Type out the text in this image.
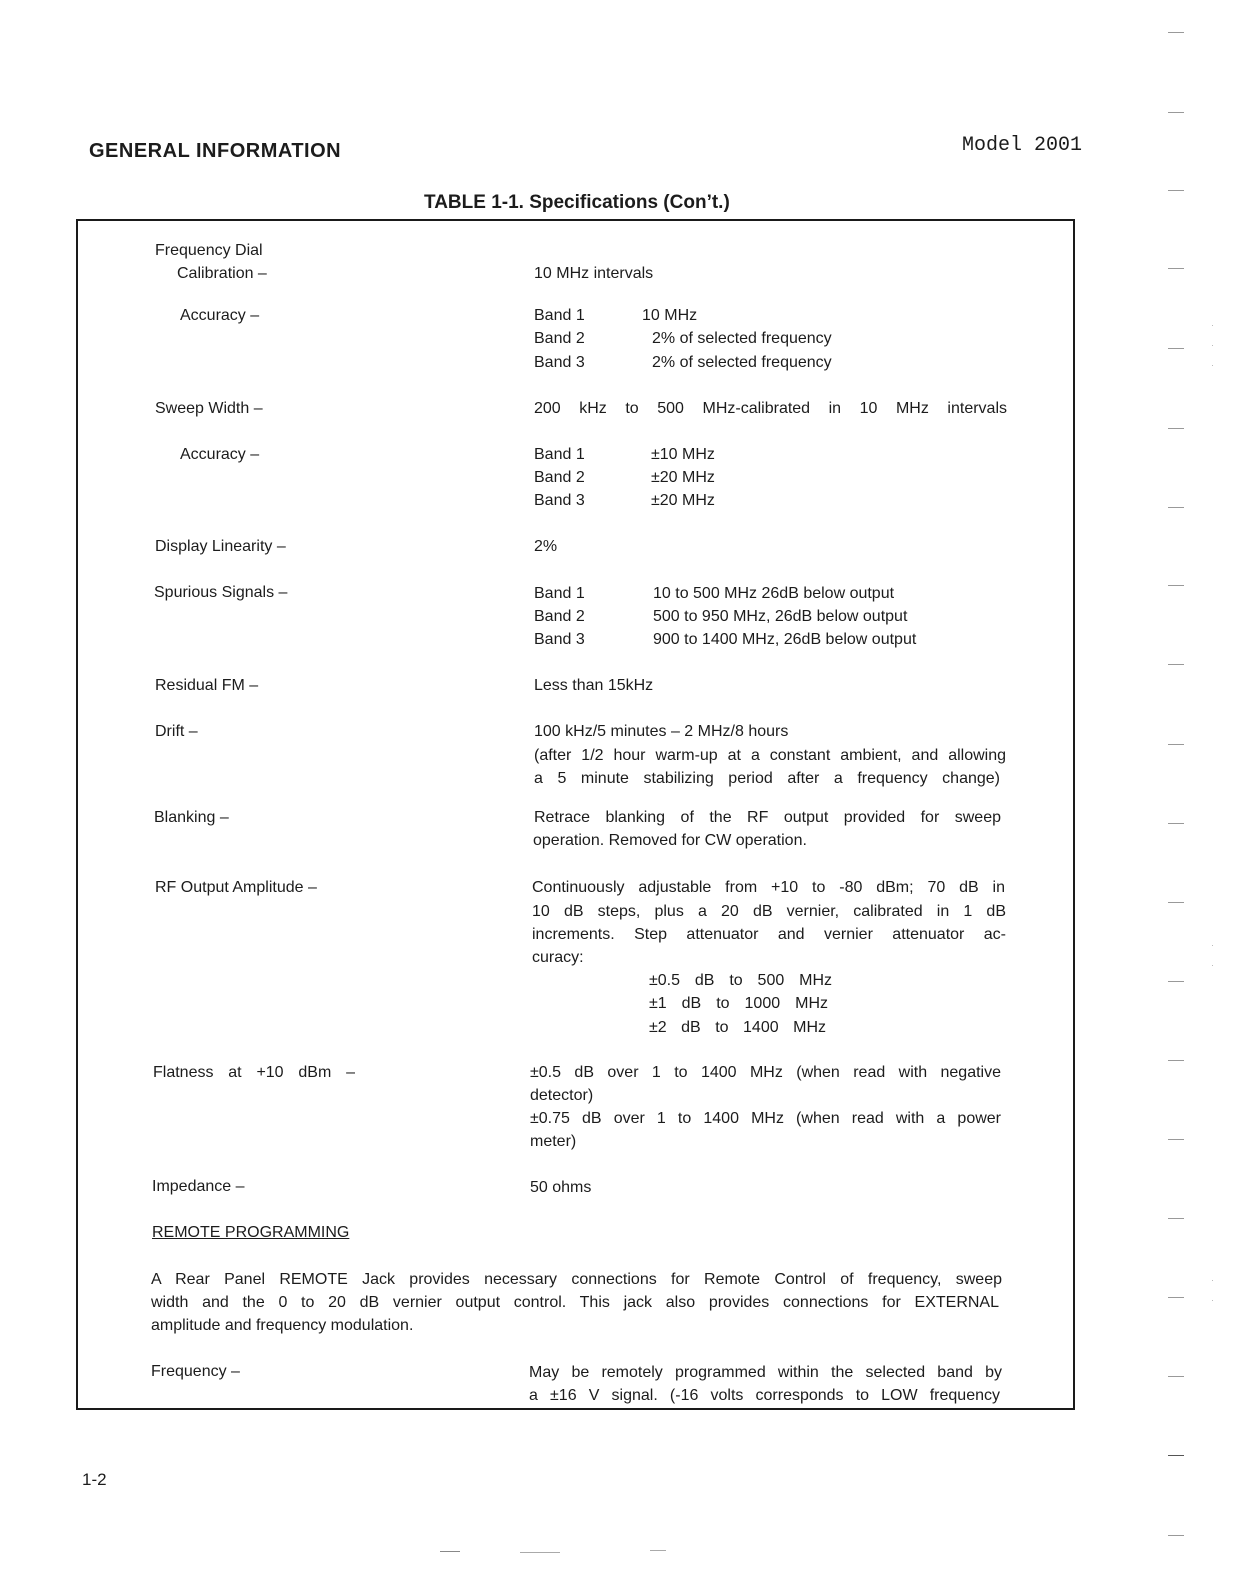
GENERAL INFORMATION	Model 2001
TABLE 1-1. Specifications (Con’t.)
Frequency Dial
Calibration –	10 MHz intervals
Accuracy –	Band 1	10 MHz
Band 2	2% of selected frequency
Band 3	2% of selected frequency
Sweep Width –	200 kHz to 500 MHz-calibrated in 10 MHz intervals
Accuracy –	Band 1	±10 MHz
Band 2	±20 MHz
Band 3	±20 MHz
Display Linearity –	2%
Spurious Signals –	Band 1	10 to 500 MHz 26dB below output
Band 2	500 to 950 MHz, 26dB below output
Band 3	900 to 1400 MHz, 26dB below output
Residual FM –	Less than 15kHz
Drift –	100 kHz/5 minutes – 2 MHz/8 hours
(after 1/2 hour warm-up at a constant ambient, and allowing
a 5 minute stabilizing period after a frequency change)
Blanking –	Retrace blanking of the RF output provided for sweep
operation. Removed for CW operation.
RF Output Amplitude –	Continuously adjustable from +10 to -80 dBm; 70 dB in
10 dB steps, plus a 20 dB vernier, calibrated in 1 dB
increments. Step attenuator and vernier attenuator ac-
curacy:
±0.5 dB to 500 MHz
±1 dB to 1000 MHz
±2 dB to 1400 MHz
Flatness at +10 dBm –	±0.5 dB over 1 to 1400 MHz (when read with negative
detector)
±0.75 dB over 1 to 1400 MHz (when read with a power
meter)
Impedance –	50 ohms
REMOTE PROGRAMMING
A Rear Panel REMOTE Jack provides necessary connections for Remote Control of frequency, sweep
width and the 0 to 20 dB vernier output control. This jack also provides connections for EXTERNAL
amplitude and frequency modulation.
Frequency –	May be remotely programmed within the selected band by
a ±16 V signal. (-16 volts corresponds to LOW frequency
1-2
